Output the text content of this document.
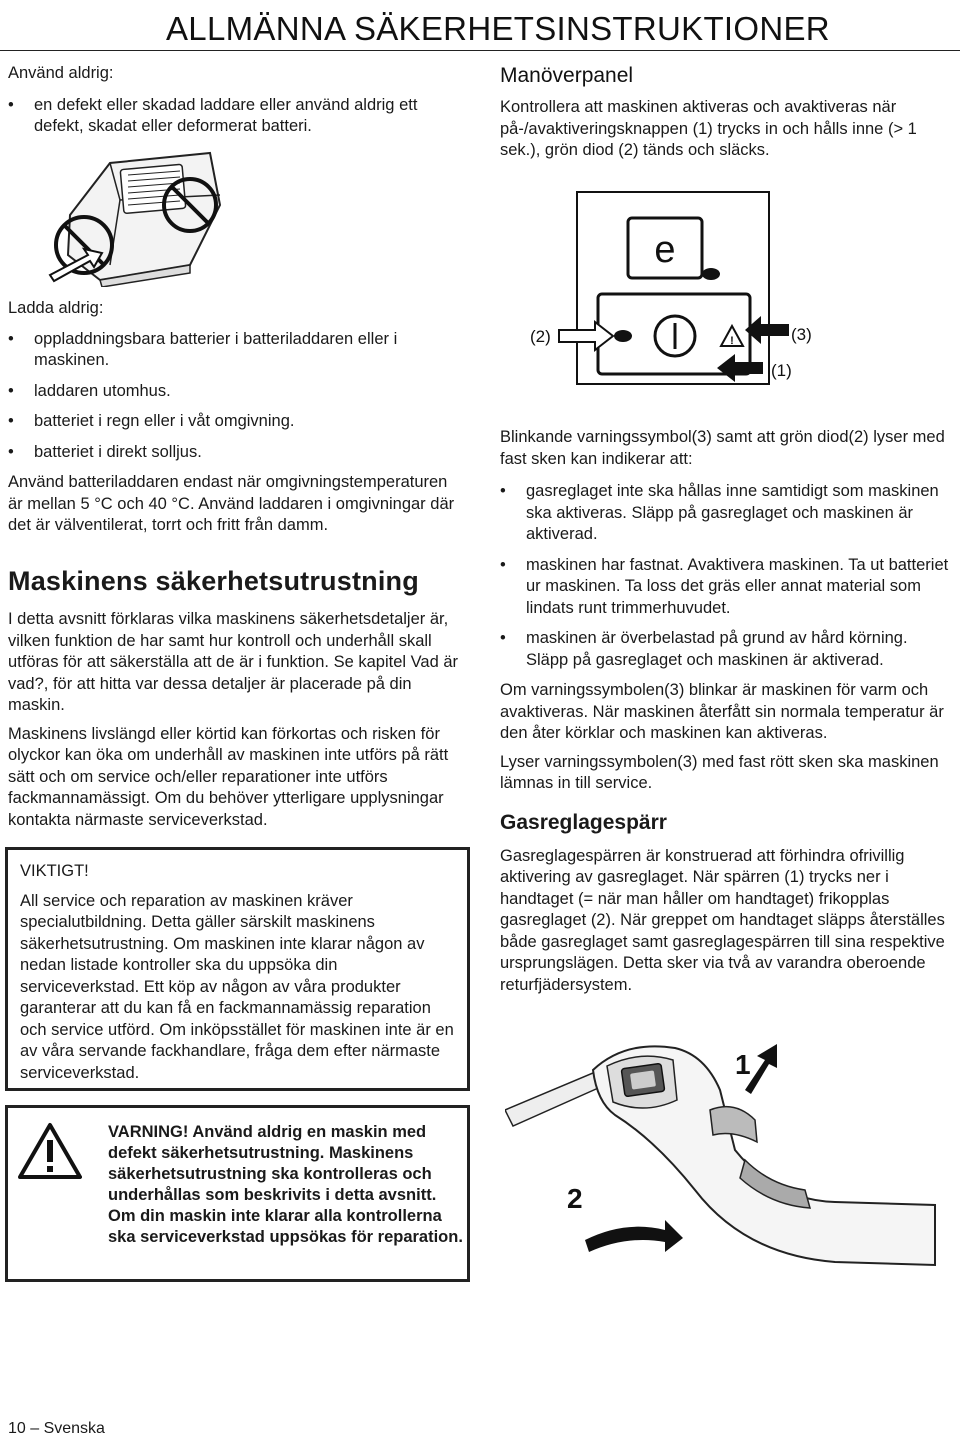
ALLMÄNNA SÄKERHETSINSTRUKTIONER

Använd aldrig:

• en defekt eller skadad laddare eller använd aldrig ett defekt, skadat eller deformerat batteri.

Ladda aldrig:

• oppladdningsbara batterier i batteriladdaren eller i maskinen.
• laddaren utomhus.
• batteriet i regn eller i våt omgivning.
• batteriet i direkt solljus.

Använd batteriladdaren endast när omgivningstemperaturen är mellan 5 °C och 40 °C. Använd laddaren i omgivningar där det är välventilerat, torrt och fritt från damm.

Maskinens säkerhetsutrustning

I detta avsnitt förklaras vilka maskinens säkerhetsdetaljer är, vilken funktion de har samt hur kontroll och underhåll skall utföras för att säkerställa att de är i funktion. Se kapitel Vad är vad?, för att hitta var dessa detaljer är placerade på din maskin.

Maskinens livslängd eller körtid kan förkortas och risken för olyckor kan öka om underhåll av maskinen inte utförs på rätt sätt och om service och/eller reparationer inte utförs fackmannamässigt. Om du behöver ytterligare upplysningar kontakta närmaste serviceverkstad.

VIKTIGT!

All service och reparation av maskinen kräver specialutbildning. Detta gäller särskilt maskinens säkerhetsutrustning. Om maskinen inte klarar någon av nedan listade kontroller ska du uppsöka din serviceverkstad. Ett köp av någon av våra produkter garanterar att du kan få en fackmannamässig reparation och service utförd. Om inköpsstället för maskinen inte är en av våra servande fackhandlare, fråga dem efter närmaste serviceverkstad.

VARNING! Använd aldrig en maskin med defekt säkerhetsutrustning. Maskinens säkerhetsutrustning ska kontrolleras och underhållas som beskrivits i detta avsnitt. Om din maskin inte klarar alla kontrollerna ska serviceverkstad uppsökas för reparation.
Manöverpanel

Kontrollera att maskinen aktiveras och avaktiveras när på-/avaktiveringsknappen (1) trycks in och hålls inne (> 1 sek.), grön diod (2) tänds och släcks.

e
!
(2)	(3)
(1)

Blinkande varningssymbol(3) samt att grön diod(2) lyser med fast sken kan indikerar att:

• gasreglaget inte ska hållas inne samtidigt som maskinen ska aktiveras. Släpp på gasreglaget och maskinen är aktiverad.
• maskinen har fastnat. Avaktivera maskinen. Ta ut batteriet ur maskinen. Ta loss det gräs eller annat material som lindats runt trimmerhuvudet.
• maskinen är överbelastad på grund av hård körning. Släpp på gasreglaget och maskinen är aktiverad.

Om varningssymbolen(3) blinkar är maskinen för varm och avaktiveras. När maskinen återfått sin normala temperatur är den åter körklar och maskinen kan aktiveras.

Lyser varningssymbolen(3) med fast rött sken ska maskinen lämnas in till service.

Gasreglagespärr

Gasreglagespärren är konstruerad att förhindra ofrivillig aktivering av gasreglaget. När spärren (1) trycks ner i handtaget (= när man håller om handtaget) frikopplas gasreglaget (2). När greppet om handtaget släpps återställes både gasreglaget samt gasreglagespärren till sina respektive ursprungslägen. Detta sker via två av varandra oberoende returfjädersystem.

1
2
10 – Svenska
